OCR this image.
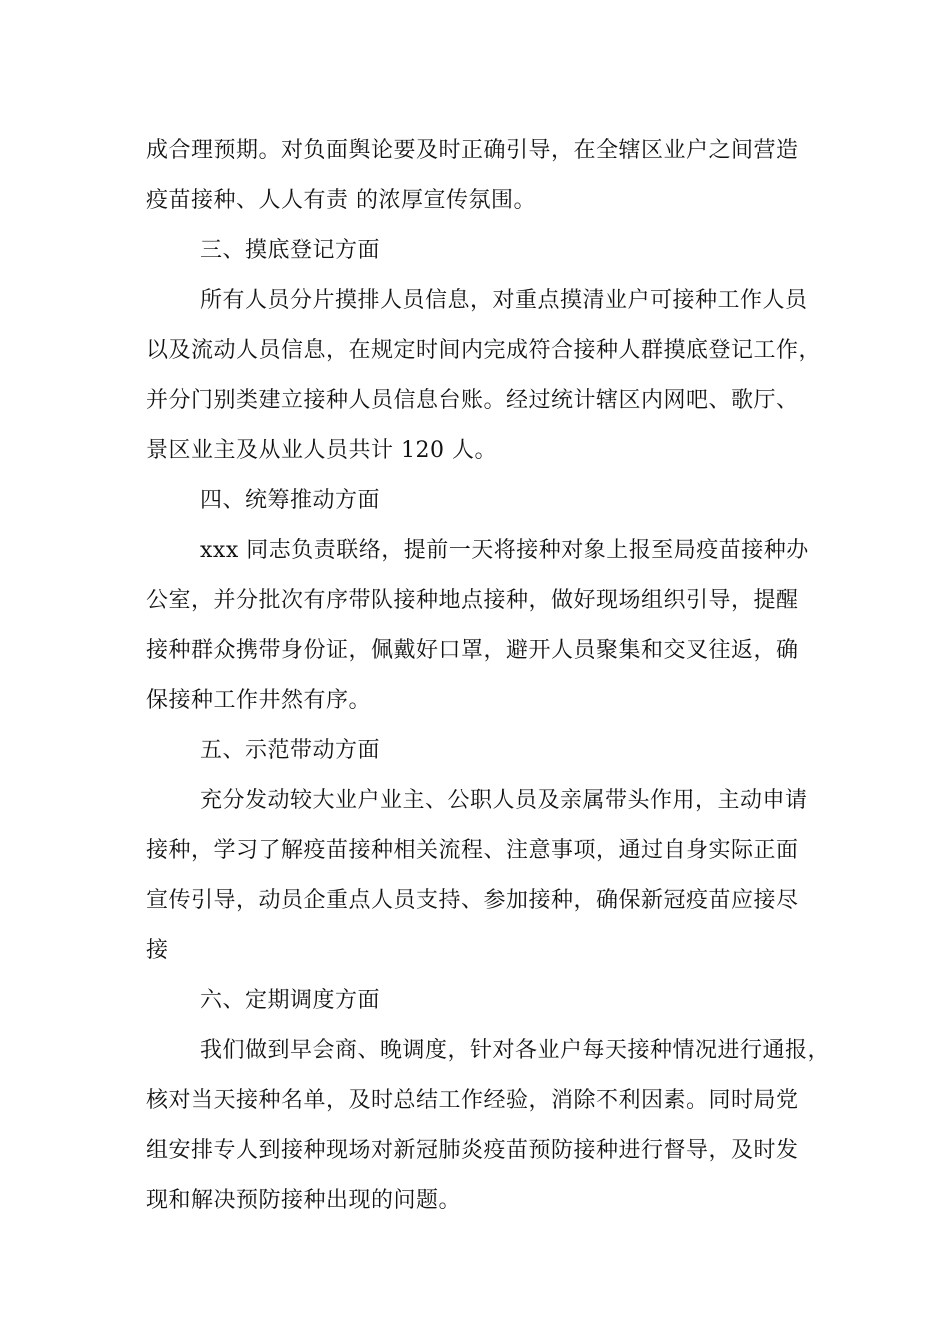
成合理预期。对负面舆论要及时正确引导，在全辖区业户之间营造
疫苗接种、人人有责 的浓厚宣传氛围。
三、摸底登记方面
所有人员分片摸排人员信息，对重点摸清业户可接种工作人员
以及流动人员信息，在规定时间内完成符合接种人群摸底登记工作，
并分门别类建立接种人员信息台账。经过统计辖区内网吧、歌厅、
景区业主及从业人员共计 120 人。
四、统筹推动方面
xxx 同志负责联络，提前一天将接种对象上报至局疫苗接种办
公室，并分批次有序带队接种地点接种，做好现场组织引导，提醒
接种群众携带身份证，佩戴好口罩，避开人员聚集和交叉往返，确
保接种工作井然有序。
五、示范带动方面
充分发动较大业户业主、公职人员及亲属带头作用，主动申请
接种，学习了解疫苗接种相关流程、注意事项，通过自身实际正面
宣传引导，动员企重点人员支持、参加接种，确保新冠疫苗应接尽
接
六、定期调度方面
我们做到早会商、晚调度，针对各业户每天接种情况进行通报，
核对当天接种名单，及时总结工作经验，消除不利因素。同时局党
组安排专人到接种现场对新冠肺炎疫苗预防接种进行督导，及时发
现和解决预防接种出现的问题。
